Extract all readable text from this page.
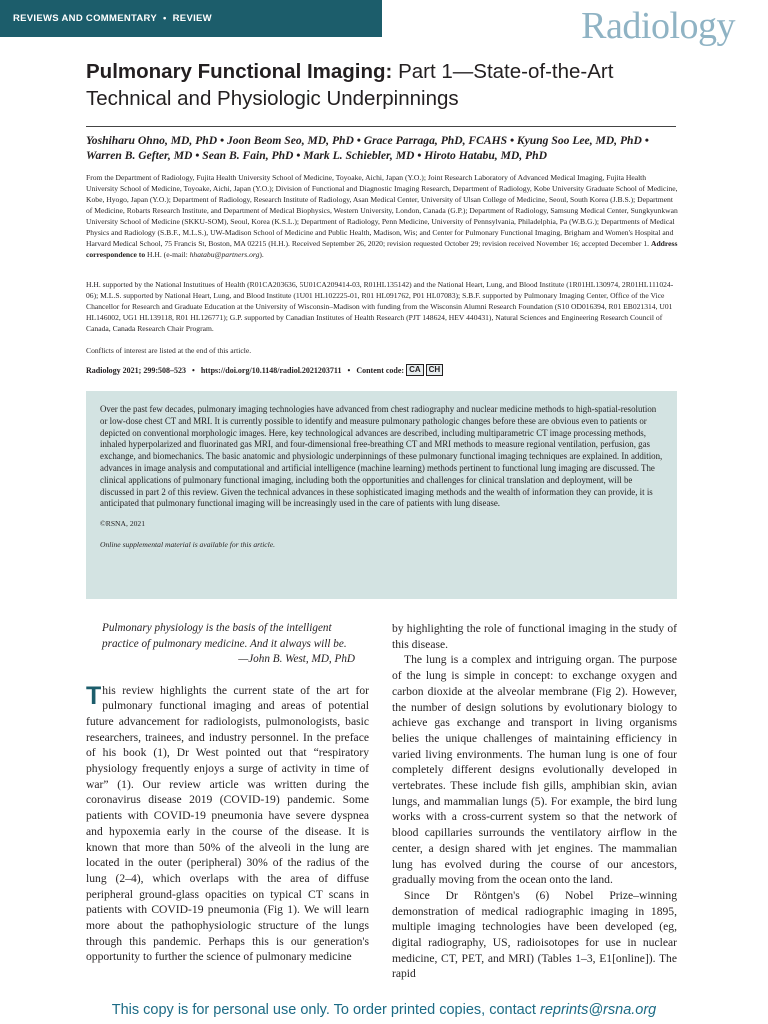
REVIEWS AND COMMENTARY • REVIEW	Radiology
Pulmonary Functional Imaging: Part 1—State-of-the-Art Technical and Physiologic Underpinnings
Yoshiharu Ohno, MD, PhD • Joon Beom Seo, MD, PhD • Grace Parraga, PhD, FCAHS • Kyung Soo Lee, MD, PhD • Warren B. Gefter, MD • Sean B. Fain, PhD • Mark L. Schiebler, MD • Hiroto Hatabu, MD, PhD
From the Department of Radiology, Fujita Health University School of Medicine, Toyoake, Aichi, Japan (Y.O.); Joint Research Laboratory of Advanced Medical Imaging, Fujita Health University School of Medicine, Toyoake, Aichi, Japan (Y.O.); Division of Functional and Diagnostic Imaging Research, Department of Radiology, Kobe University Graduate School of Medicine, Kobe, Hyogo, Japan (Y.O.); Department of Radiology, Research Institute of Radiology, Asan Medical Center, University of Ulsan College of Medicine, Seoul, South Korea (J.B.S.); Department of Medicine, Robarts Research Institute, and Department of Medical Biophysics, Western University, London, Canada (G.P.); Department of Radiology, Samsung Medical Center, Sungkyunkwan University School of Medicine (SKKU-SOM), Seoul, Korea (K.S.L.); Department of Radiology, Penn Medicine, University of Pennsylvania, Philadelphia, Pa (W.B.G.); Departments of Medical Physics and Radiology (S.B.F., M.L.S.), UW-Madison School of Medicine and Public Health, Madison, Wis; and Center for Pulmonary Functional Imaging, Brigham and Women's Hospital and Harvard Medical School, 75 Francis St, Boston, MA 02215 (H.H.). Received September 26, 2020; revision requested October 29; revision received November 16; accepted December 1. Address correspondence to H.H. (e-mail: hhatabu@partners.org).
H.H. supported by the National Instutitues of Health (R01CA203636, 5U01CA209414-03, R01HL135142) and the National Heart, Lung, and Blood Institute (1R01HL130974, 2R01HL111024-06); M.L.S. supported by National Heart, Lung, and Blood Institute (1U01 HL102225-01, R01 HL091762, P01 HL07083); S.B.F. supported by Pulmonary Imaging Center, Office of the Vice Chancellor for Research and Graduate Education at the University of Wisconsin–Madison with funding from the Wisconsin Alumni Research Foundation (S10 OD016394, R01 EB021314, U01 HL146002, UG1 HL139118, R01 HL126771); G.P. supported by Canadian Institutes of Health Research (PJT 148624, HEV 440431), Natural Sciences and Engineering Research Council of Canada, Canada Research Chair Program.
Conflicts of interest are listed at the end of this article.
Radiology 2021; 299:508–523 • https://doi.org/10.1148/radiol.2021203711 • Content code: CA	CH
Over the past few decades, pulmonary imaging technologies have advanced from chest radiography and nuclear medicine methods to high-spatial-resolution or low-dose chest CT and MRI. It is currently possible to identify and measure pulmonary pathologic changes before these are obvious even to patients or depicted on conventional morphologic images. Here, key technological advances are described, including multiparametric CT image processing methods, inhaled hyperpolarized and fluorinated gas MRI, and four-dimensional free-breathing CT and MRI methods to measure regional ventilation, perfusion, gas exchange, and biomechanics. The basic anatomic and physiologic underpinnings of these pulmonary functional imaging techniques are explained. In addition, advances in image analysis and computational and artificial intelligence (machine learning) methods pertinent to functional lung imaging are discussed. The clinical applications of pulmonary functional imaging, including both the opportunities and challenges for clinical translation and deployment, will be discussed in part 2 of this review. Given the technical advances in these sophisticated imaging methods and the wealth of information they can provide, it is anticipated that pulmonary functional imaging will be increasingly used in the care of patients with lung disease.
©RSNA, 2021
Online supplemental material is available for this article.
Pulmonary physiology is the basis of the intelligent practice of pulmonary medicine. And it always will be.
—John B. West, MD, PhD

This review highlights the current state of the art for pulmonary functional imaging and areas of potential future advancement for radiologists, pulmonologists, basic researchers, trainees, and industry personnel. In the preface of his book (1), Dr West pointed out that “respiratory physiology frequently enjoys a surge of activity in time of war” (1). Our review article was written during the coronavirus disease 2019 (COVID-19) pandemic. Some patients with COVID-19 pneumonia have severe dyspnea and hypoxemia early in the course of the disease. It is known that more than 50% of the alveoli in the lung are located in the outer (peripheral) 30% of the radius of the lung (2–4), which overlaps with the area of diffuse peripheral ground-glass opacities on typical CT scans in patients with COVID-19 pneumonia (Fig 1). We will learn more about the pathophysiologic structure of the lungs through this pandemic. Perhaps this is our generation's opportunity to further the science of pulmonary medicine

by highlighting the role of functional imaging in the study of this disease.

The lung is a complex and intriguing organ. The purpose of the lung is simple in concept: to exchange oxygen and carbon dioxide at the alveolar membrane (Fig 2). However, the number of design solutions by evolutionary biology to achieve gas exchange and transport in living organisms belies the unique challenges of maintaining efficiency in varied living environments. The human lung is one of four completely different designs evolutionally developed in vertebrates. These include fish gills, amphibian skin, avian lungs, and mammalian lungs (5). For example, the bird lung works with a cross-current system so that the network of blood capillaries surrounds the ventilatory airflow in the center, a design shared with jet engines. The mammalian lung has evolved during the course of our ancestors, gradually moving from the ocean onto the land.

Since Dr Röntgen's (6) Nobel Prize–winning demonstration of medical radiographic imaging in 1895, multiple imaging technologies have been developed (eg, digital radiography, US, radioisotopes for use in nuclear medicine, CT, PET, and MRI) (Tables 1–3, E1[online]). The rapid

This copy is for personal use only. To order printed copies, contact reprints@rsna.org
